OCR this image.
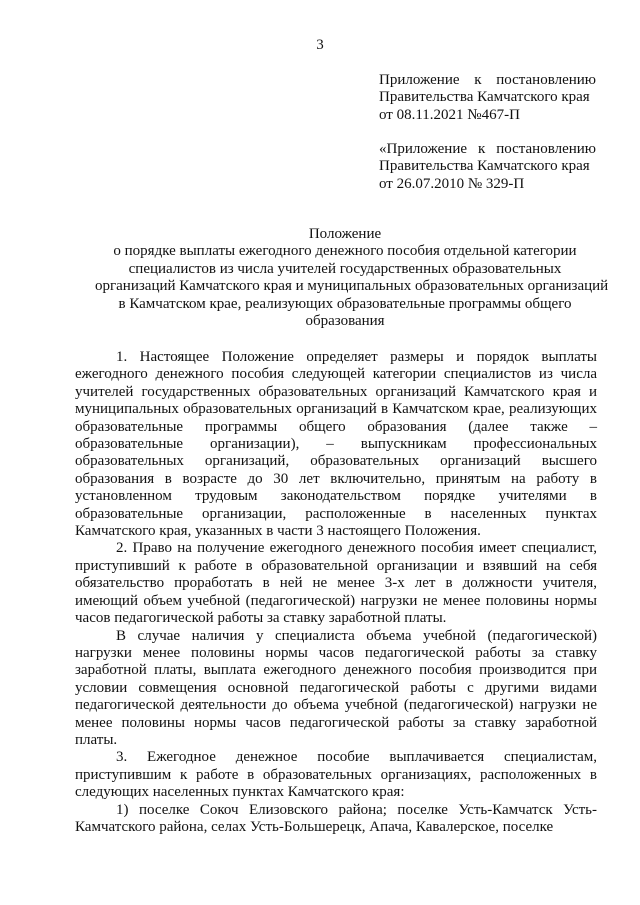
3
Приложение к постановлению
Правительства Камчатского края
от 08.11.2021 №467-П
«Приложение к постановлению
Правительства Камчатского края
от 26.07.2010 № 329-П
Положение
о порядке выплаты ежегодного денежного пособия отдельной категории
специалистов из числа учителей государственных образовательных
организаций Камчатского края и муниципальных образовательных организаций
в Камчатском крае, реализующих образовательные программы общего
образования

1. Настоящее Положение определяет размеры и порядок выплаты ежегодного денежного пособия следующей категории специалистов из числа учителей государственных образовательных организаций Камчатского края и муниципальных образовательных организаций в Камчатском крае, реализующих образовательные программы общего образования (далее также – образовательные организации), – выпускникам профессиональных образовательных организаций, образовательных организаций высшего образования в возрасте до 30 лет включительно, принятым на работу в установленном трудовым законодательством порядке учителями в образовательные организации, расположенные в населенных пунктах Камчатского края, указанных в части 3 настоящего Положения.

2. Право на получение ежегодного денежного пособия имеет специалист, приступивший к работе в образовательной организации и взявший на себя обязательство проработать в ней не менее 3-х лет в должности учителя, имеющий объем учебной (педагогической) нагрузки не менее половины нормы часов педагогической работы за ставку заработной платы.

В случае наличия у специалиста объема учебной (педагогической) нагрузки менее половины нормы часов педагогической работы за ставку заработной платы, выплата ежегодного денежного пособия производится при условии совмещения основной педагогической работы с другими видами педагогической деятельности до объема учебной (педагогической) нагрузки не менее половины нормы часов педагогической работы за ставку заработной платы.

3. Ежегодное денежное пособие выплачивается специалистам, приступившим к работе в образовательных организациях, расположенных в следующих населенных пунктах Камчатского края:

1) поселке Сокоч Елизовского района; поселке Усть-Камчатск Усть-Камчатского района, селах Усть-Большерецк, Апача, Кавалерское, поселке
